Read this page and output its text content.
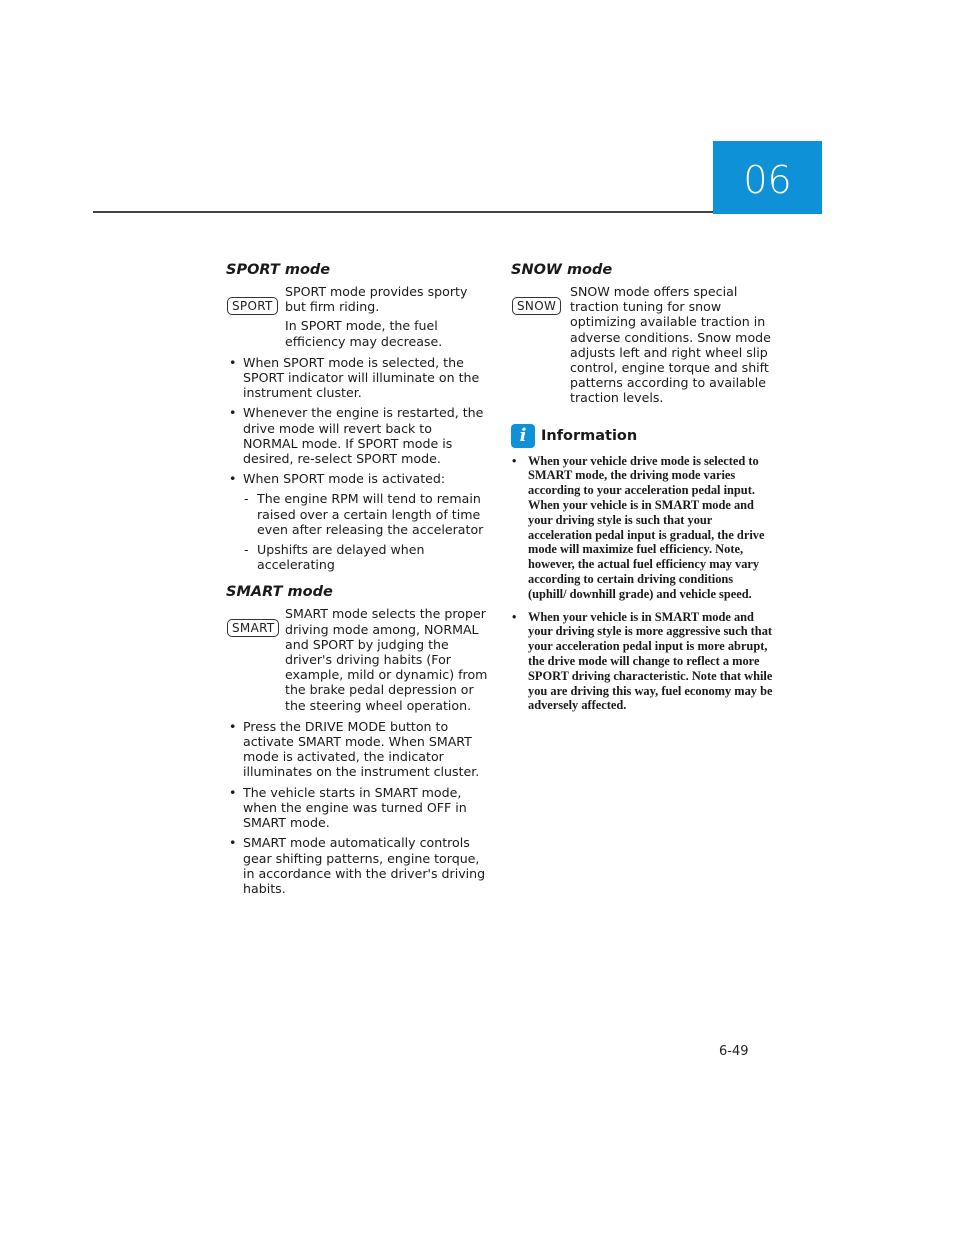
06
SPORT mode
SPORT

SPORT mode provides sporty but firm riding.

In SPORT mode, the fuel efficiency may decrease.

• When SPORT mode is selected, the SPORT indicator will illuminate on the instrument cluster.
• Whenever the engine is restarted, the drive mode will revert back to NORMAL mode. If SPORT mode is desired, re-select SPORT mode.
• When SPORT mode is activated:
- The engine RPM will tend to remain raised over a certain length of time even after releasing the accelerator
- Upshifts are delayed when accelerating
SMART mode
SMART

SMART mode selects the proper driving mode among, NORMAL and SPORT by judging the driver's driving habits (For example, mild or dynamic) from the brake pedal depression or the steering wheel operation.

• Press the DRIVE MODE button to activate SMART mode. When SMART mode is activated, the indicator illuminates on the instrument cluster.
• The vehicle starts in SMART mode, when the engine was turned OFF in SMART mode.
• SMART mode automatically controls gear shifting patterns, engine torque, in accordance with the driver's driving habits.
SNOW mode
SNOW

SNOW mode offers special traction tuning for snow optimizing available traction in adverse conditions. Snow mode adjusts left and right wheel slip control, engine torque and shift patterns according to available traction levels.

i	Information
• When your vehicle drive mode is selected to SMART mode, the driving mode varies according to your acceleration pedal input. When your vehicle is in SMART mode and your driving style is such that your acceleration pedal input is gradual, the drive mode will maximize fuel efficiency. Note, however, the actual fuel efficiency may vary according to certain driving conditions (uphill/ downhill grade) and vehicle speed.
• When your vehicle is in SMART mode and your driving style is more aggressive such that your acceleration pedal input is more abrupt, the drive mode will change to reflect a more SPORT driving characteristic. Note that while you are driving this way, fuel economy may be adversely affected.
6-49
